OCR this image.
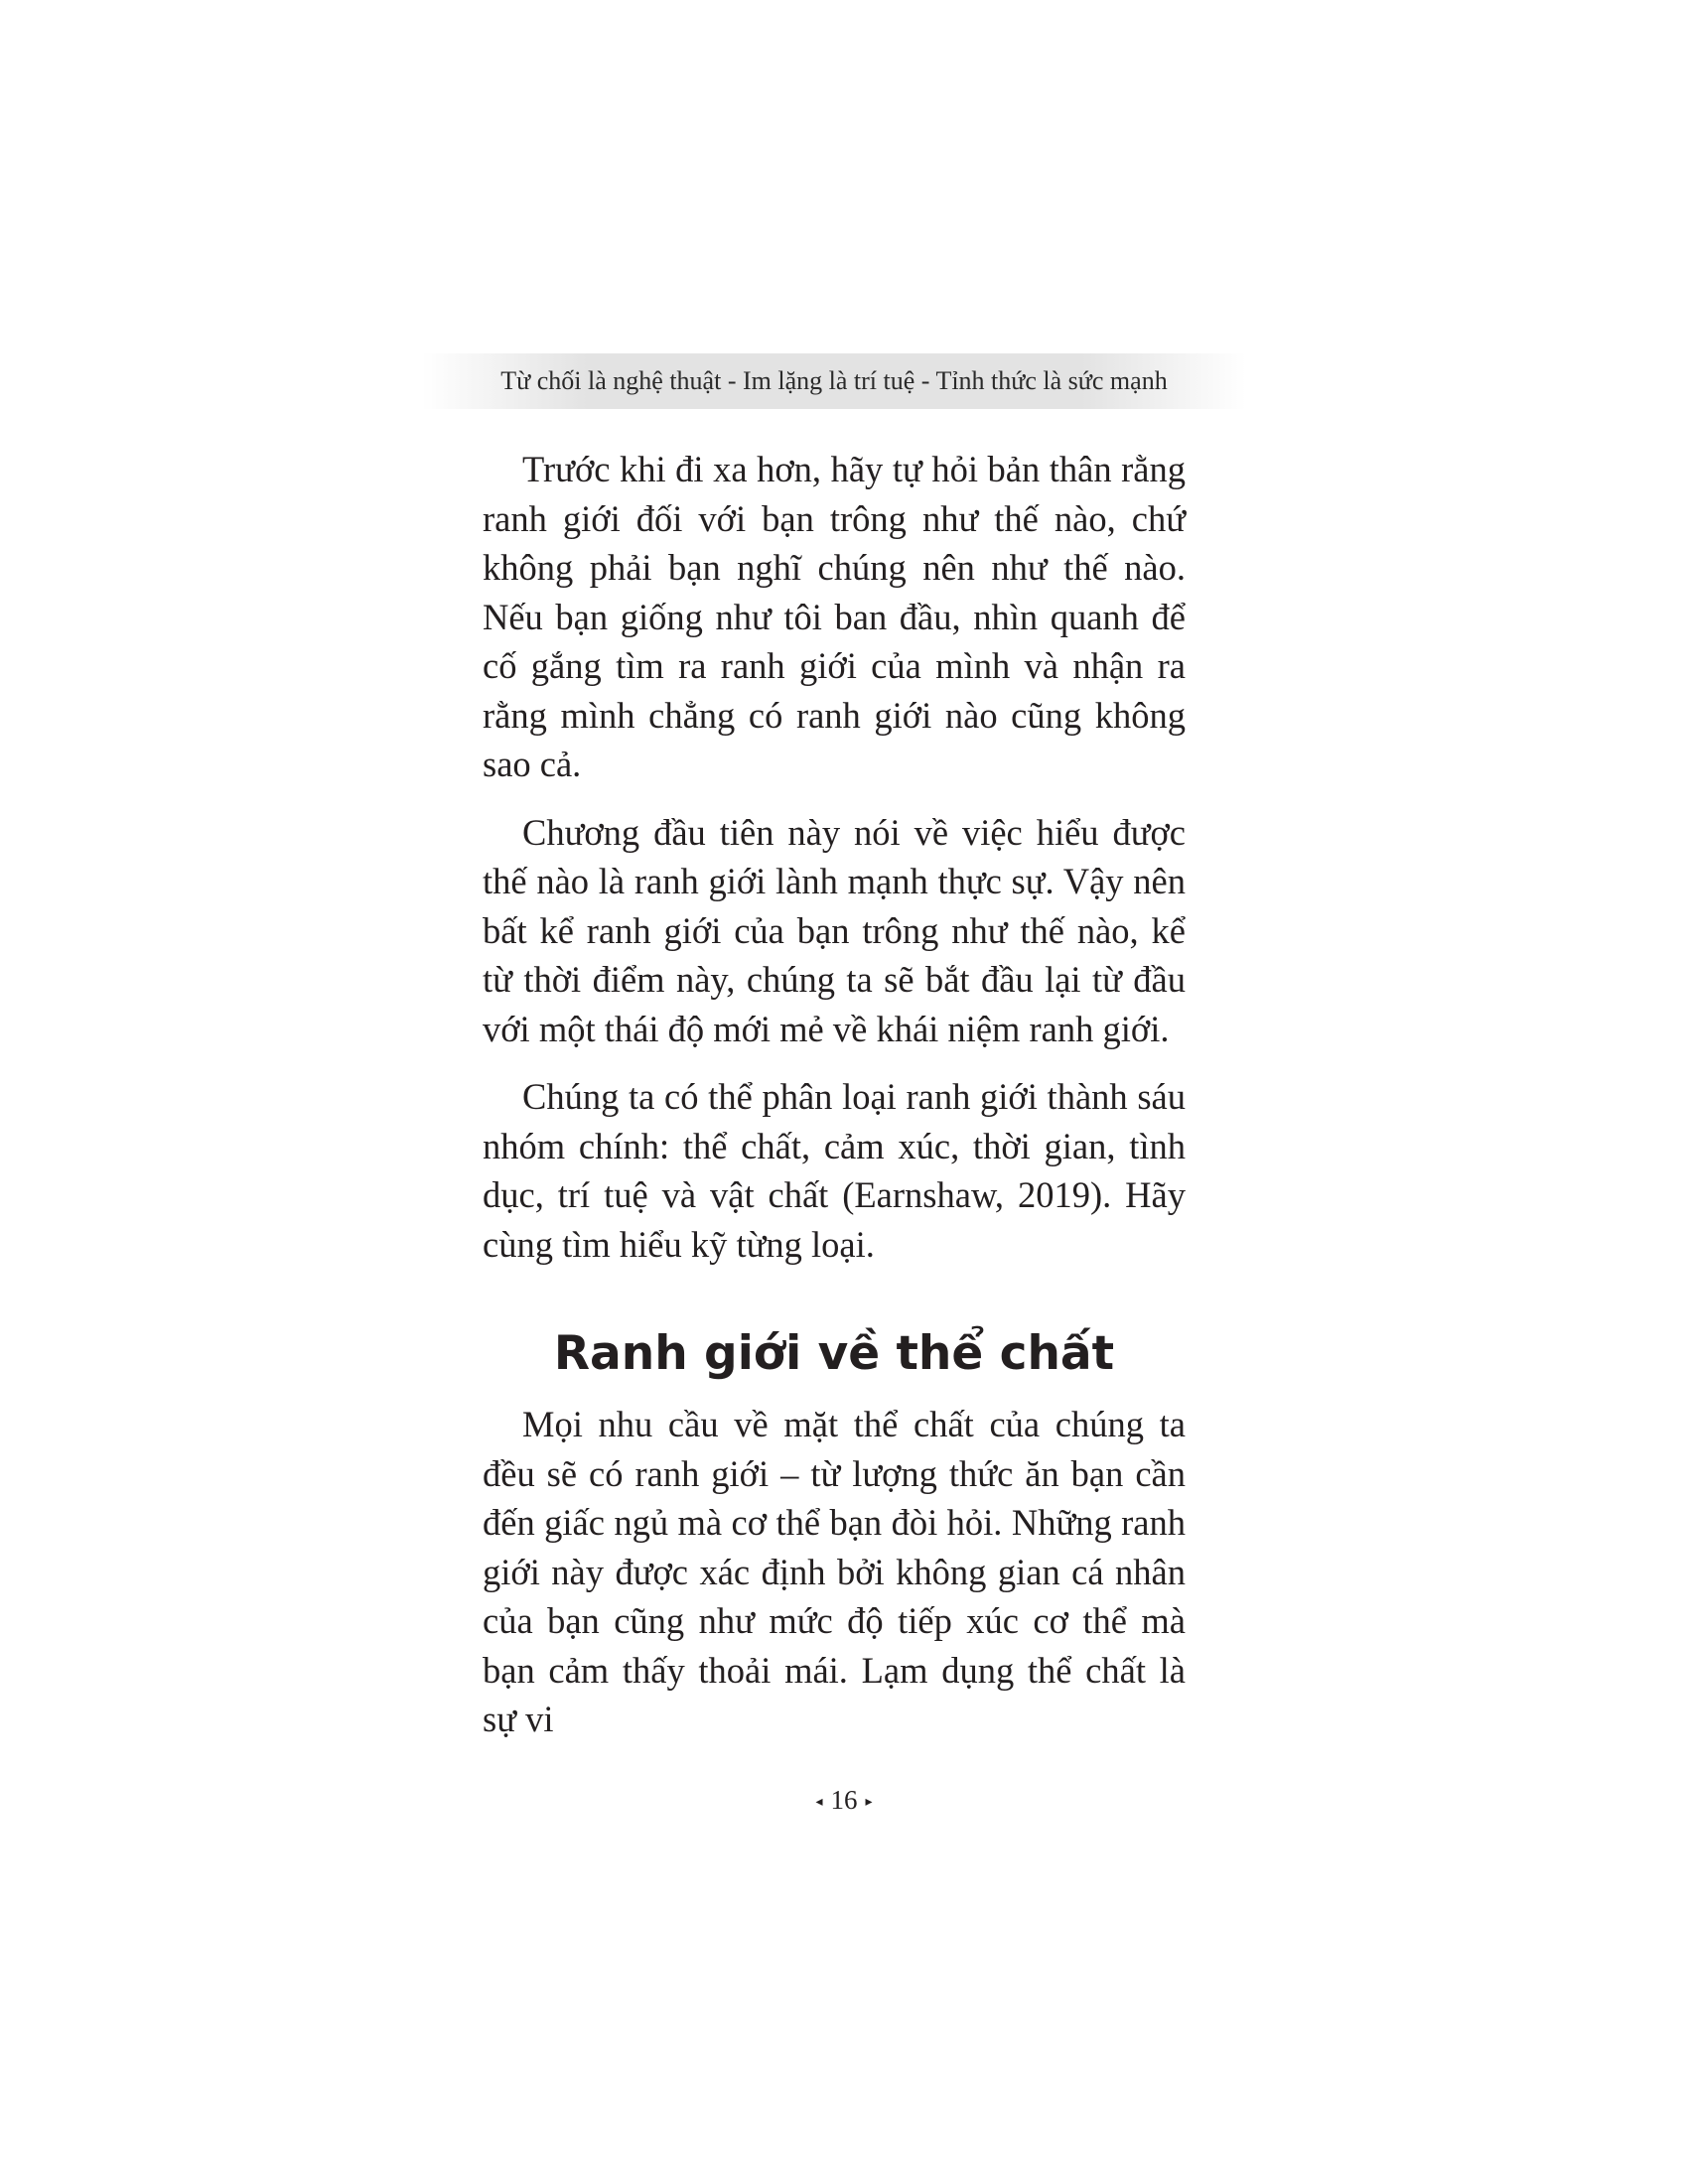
Từ chối là nghệ thuật - Im lặng là trí tuệ - Tỉnh thức là sức mạnh

Trước khi đi xa hơn, hãy tự hỏi bản thân rằng ranh giới đối với bạn trông như thế nào, chứ không phải bạn nghĩ chúng nên như thế nào. Nếu bạn giống như tôi ban đầu, nhìn quanh để cố gắng tìm ra ranh giới của mình và nhận ra rằng mình chẳng có ranh giới nào cũng không sao cả.

Chương đầu tiên này nói về việc hiểu được thế nào là ranh giới lành mạnh thực sự. Vậy nên bất kể ranh giới của bạn trông như thế nào, kể từ thời điểm này, chúng ta sẽ bắt đầu lại từ đầu với một thái độ mới mẻ về khái niệm ranh giới.

Chúng ta có thể phân loại ranh giới thành sáu nhóm chính: thể chất, cảm xúc, thời gian, tình dục, trí tuệ và vật chất (Earnshaw, 2019). Hãy cùng tìm hiểu kỹ từng loại.

Ranh giới về thể chất

Mọi nhu cầu về mặt thể chất của chúng ta đều sẽ có ranh giới – từ lượng thức ăn bạn cần đến giấc ngủ mà cơ thể bạn đòi hỏi. Những ranh giới này được xác định bởi không gian cá nhân của bạn cũng như mức độ tiếp xúc cơ thể mà bạn cảm thấy thoải mái. Lạm dụng thể chất là sự vi

◂ 16 ▸
